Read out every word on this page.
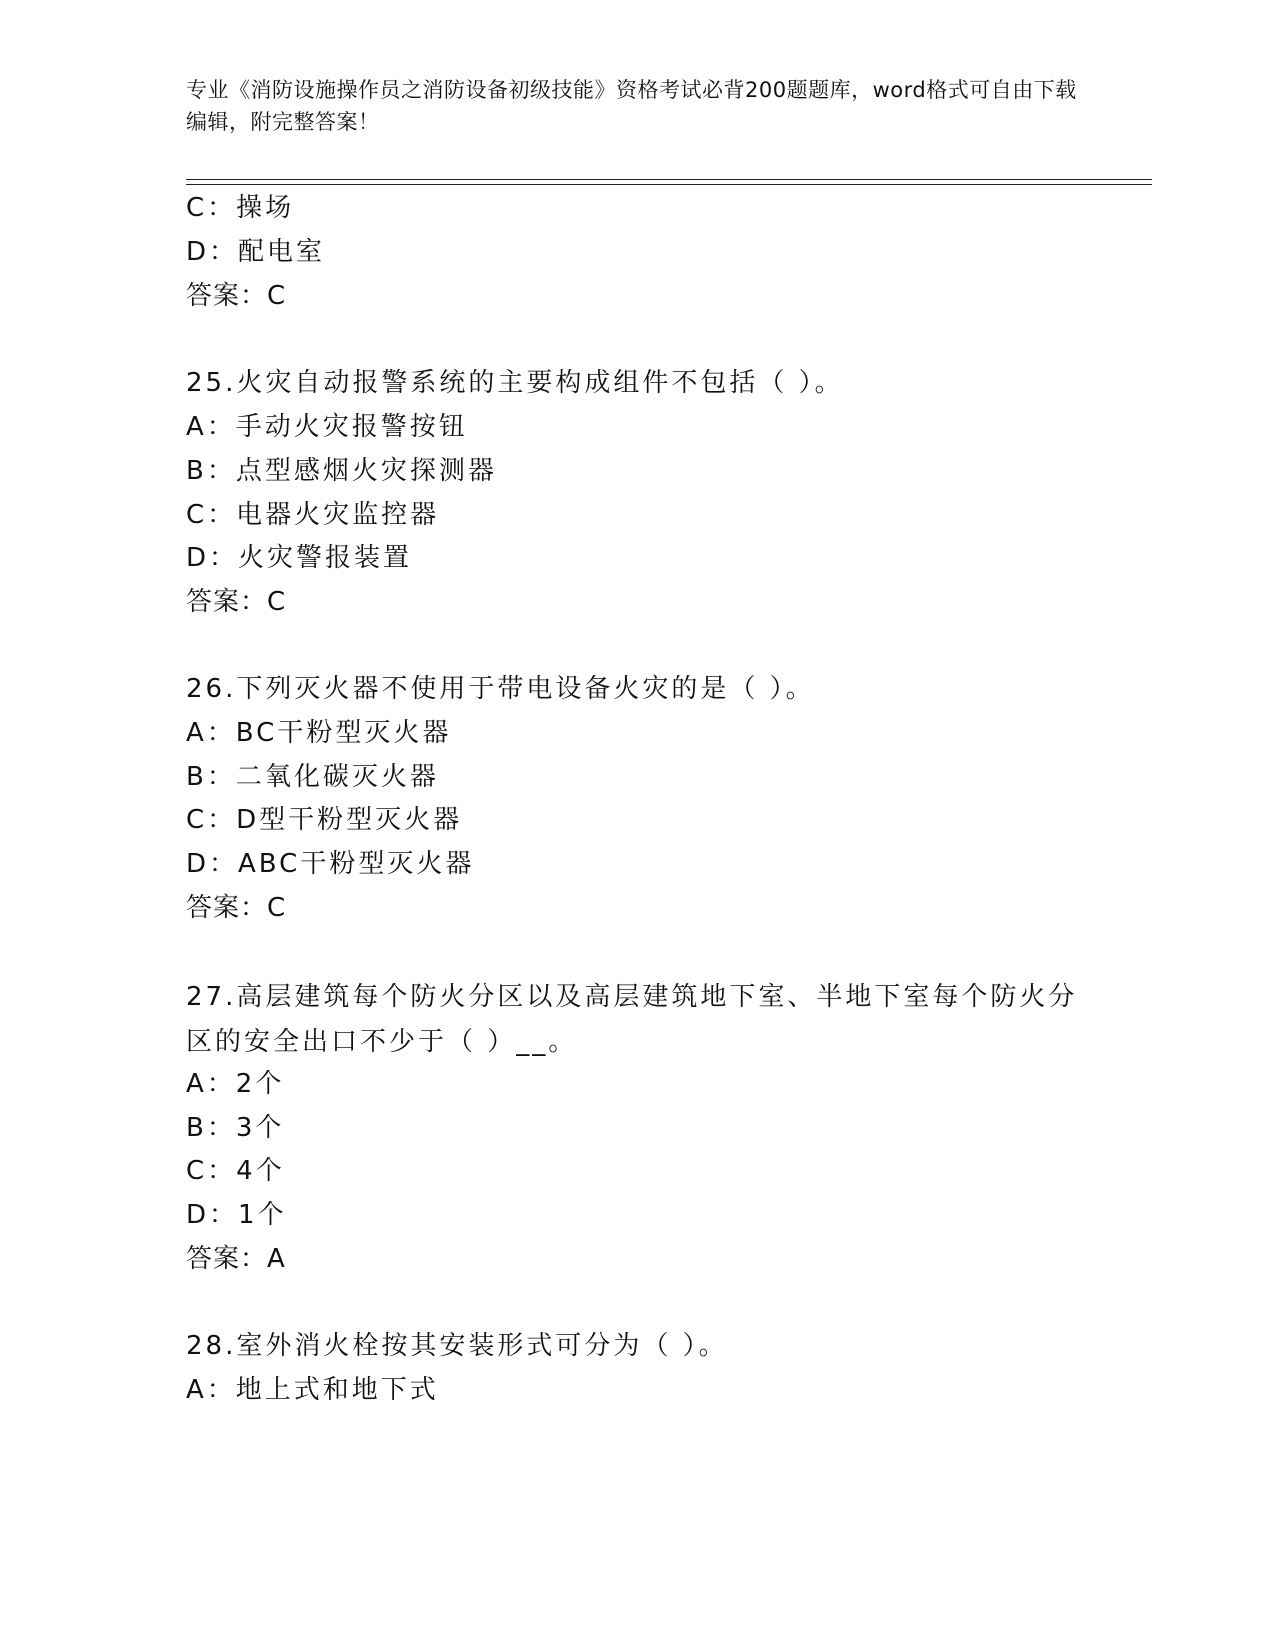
专业《消防设施操作员之消防设备初级技能》资格考试必背200题题库，word格式可自由下载编辑，附完整答案！
C：操场
D：配电室
答案：C
25.火灾自动报警系统的主要构成组件不包括（ ）。
A：手动火灾报警按钮
B：点型感烟火灾探测器
C：电器火灾监控器
D：火灾警报装置
答案：C
26.下列灭火器不使用于带电设备火灾的是（ ）。
A：BC干粉型灭火器
B：二氧化碳灭火器
C：D型干粉型灭火器
D：ABC干粉型灭火器
答案：C
27.高层建筑每个防火分区以及高层建筑地下室、半地下室每个防火分区的安全出口不少于（ ）__。
A：2个
B：3个
C：4个
D：1个
答案：A
28.室外消火栓按其安装形式可分为（ ）。
A：地上式和地下式
